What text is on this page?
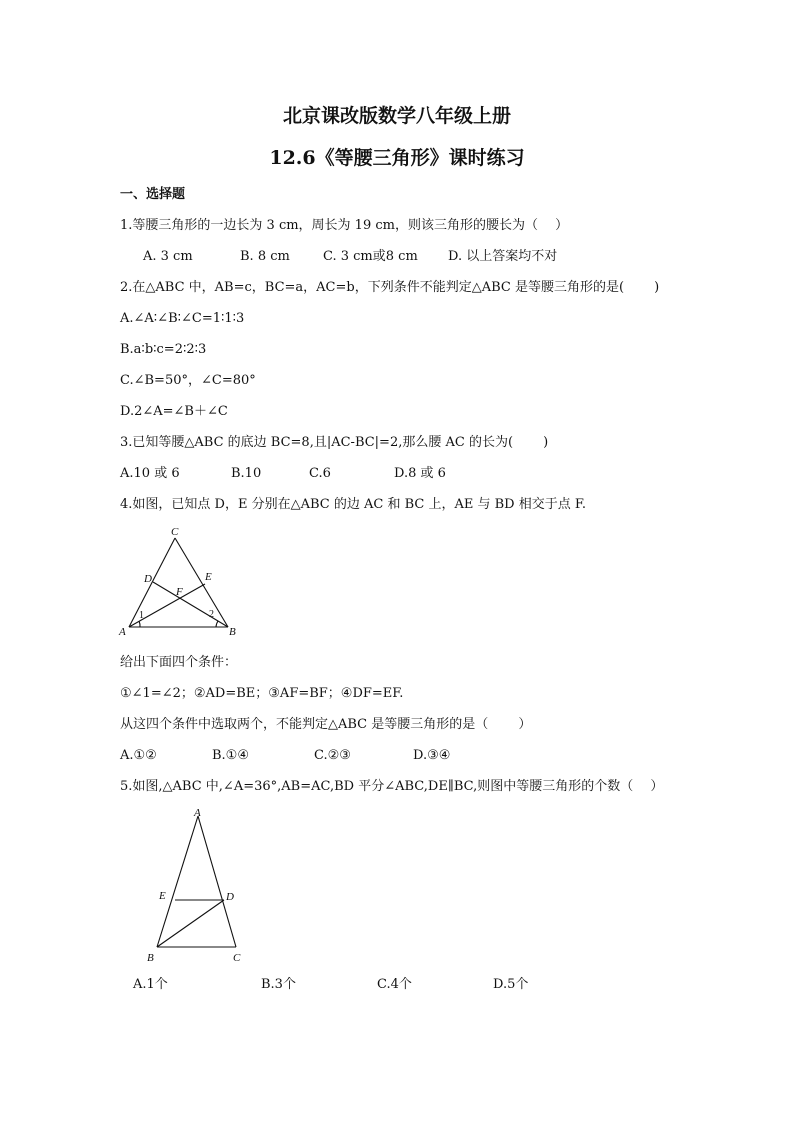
北京课改版数学八年级上册
12.6《等腰三角形》课时练习
一、选择题
1.等腰三角形的一边长为 3 cm，周长为 19 cm，则该三角形的腰长为（　 ）
A. 3 cm	B. 8 cm	C. 3 cm或8 cm D. 以上答案均不对
2.在△ABC 中，AB=c，BC=a，AC=b，下列条件不能判定△ABC 是等腰三角形的是(　 　)
A.∠A∶∠B∶∠C=1∶1∶3
B.a∶b∶c=2∶2∶3
C.∠B=50°，∠C=80°
D.2∠A=∠B＋∠C
3.已知等腰△ABC 的底边 BC=8,且|AC-BC|=2,那么腰 AC 的长为(　 　)
A.10 或 6	B.10	C.6	D.8 或 6
4.如图，已知点 D，E 分别在△ABC 的边 AC 和 BC 上，AE 与 BD 相交于点 F.
A	B
C
D	E
F
1	2
给出下面四个条件：
①∠1=∠2；②AD=BE；③AF=BF；④DF=EF.
从这四个条件中选取两个，不能判定△ABC 是等腰三角形的是（　 　）
A.①②	B.①④	C.②③	D.③④
5.如图,△ABC 中,∠A=36°,AB=AC,BD 平分∠ABC,DE∥BC,则图中等腰三角形的个数（　 ）
A
B	C
D
E
A.1个	B.3个	C.4个	D.5个
